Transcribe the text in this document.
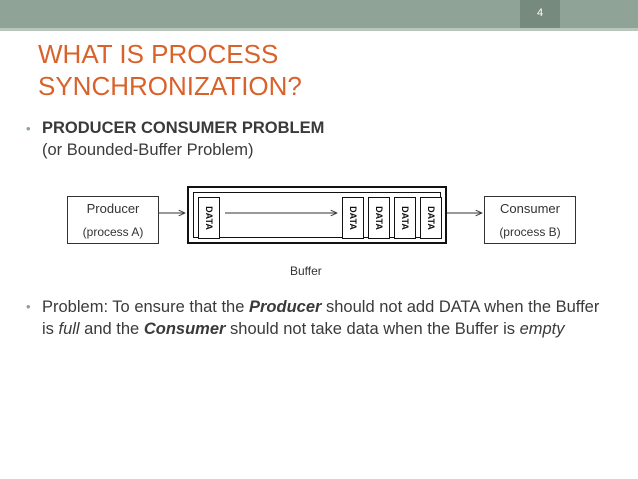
4
WHAT IS PROCESS
SYNCHRONIZATION?
• PRODUCER CONSUMER PROBLEM
(or Bounded-Buffer Problem)
Producer
(process A)
DATA	DATA DATA DATA DATA	Consumer
(process B)
Buffer
• Problem: To ensure that the Producer should not add DATA when the Buffer is full and the Consumer should not take data when the Buffer is empty
